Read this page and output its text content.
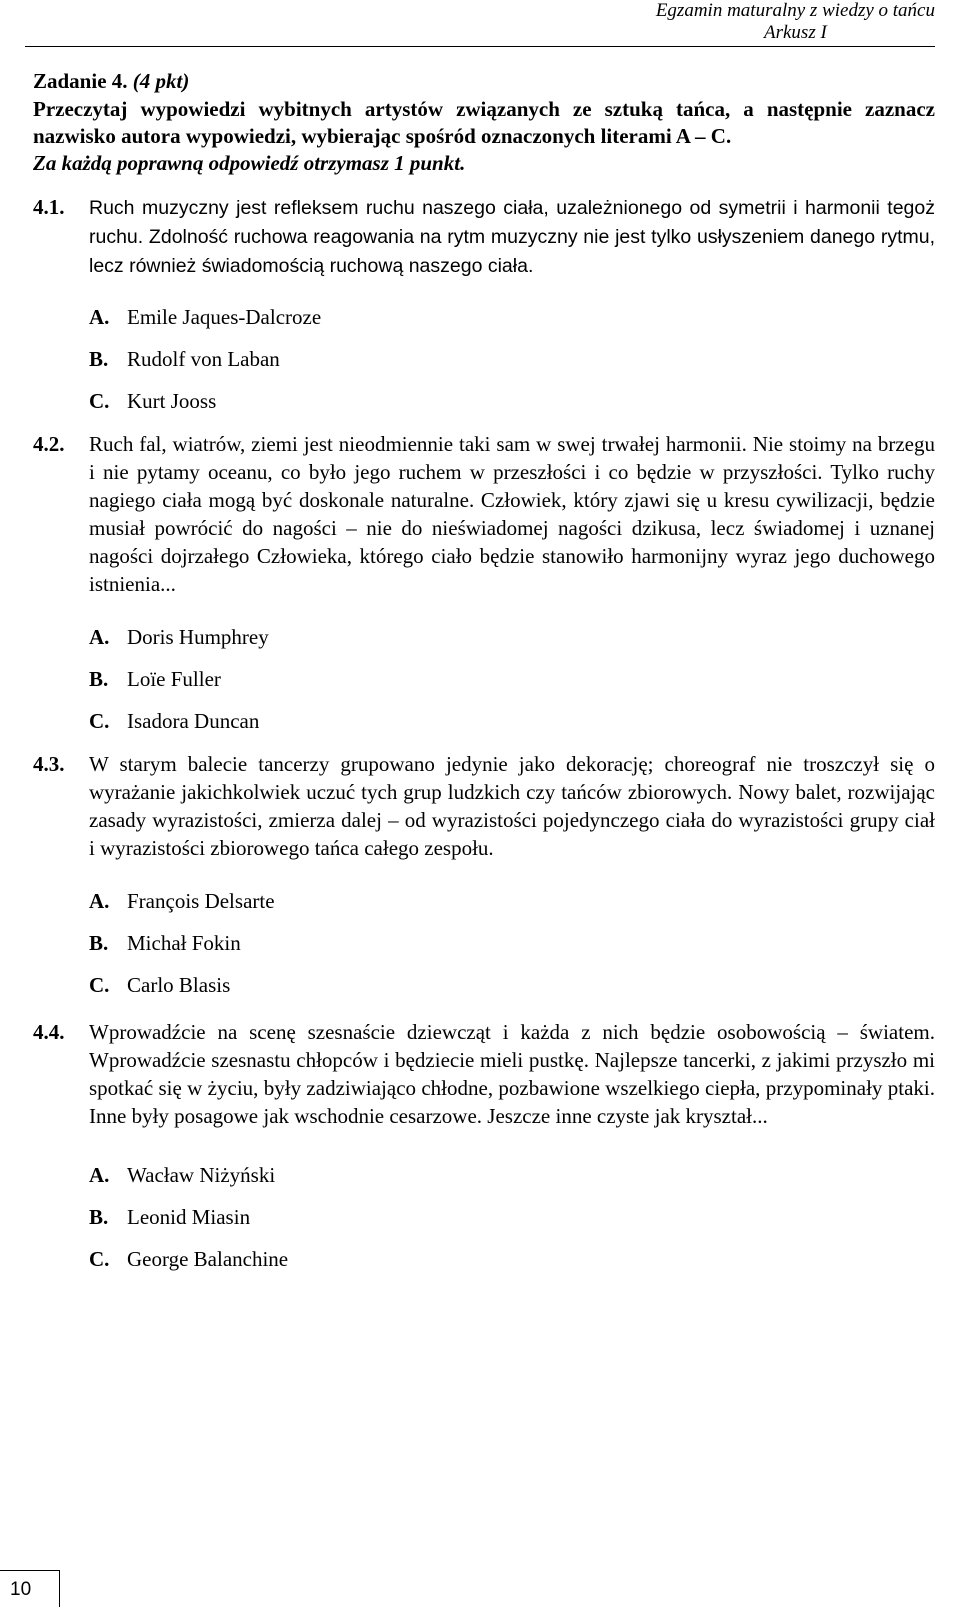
Egzamin maturalny z wiedzy o tańcu
Arkusz I
Zadanie 4. (4 pkt)
Przeczytaj wypowiedzi wybitnych artystów związanych ze sztuką tańca, a następnie zaznacz nazwisko autora wypowiedzi, wybierając spośród oznaczonych literami A – C.
Za każdą poprawną odpowiedź otrzymasz 1 punkt.
4.1.	Ruch muzyczny jest refleksem ruchu naszego ciała, uzależnionego od symetrii i harmonii tegoż ruchu. Zdolność ruchowa reagowania na rytm muzyczny nie jest tylko usłyszeniem danego rytmu, lecz również świadomością ruchową naszego ciała.

A. Emile Jaques-Dalcroze
B. Rudolf von Laban
C. Kurt Jooss
4.2.	Ruch fal, wiatrów, ziemi jest nieodmiennie taki sam w swej trwałej harmonii. Nie stoimy na brzegu i nie pytamy oceanu, co było jego ruchem w przeszłości i co będzie w przyszłości. Tylko ruchy nagiego ciała mogą być doskonale naturalne. Człowiek, który zjawi się u kresu cywilizacji, będzie musiał powrócić do nagości – nie do nieświadomej nagości dzikusa, lecz świadomej i uznanej nagości dojrzałego Człowieka, którego ciało będzie stanowiło harmonijny wyraz jego duchowego istnienia...

A. Doris Humphrey
B. Loïe Fuller
C. Isadora Duncan
4.3.	W starym balecie tancerzy grupowano jedynie jako dekorację; choreograf nie troszczył się o wyrażanie jakichkolwiek uczuć tych grup ludzkich czy tańców zbiorowych. Nowy balet, rozwijając zasady wyrazistości, zmierza dalej – od wyrazistości pojedynczego ciała do wyrazistości grupy ciał i wyrazistości zbiorowego tańca całego zespołu.

A. François Delsarte
B. Michał Fokin
C. Carlo Blasis
4.4.	Wprowadźcie na scenę szesnaście dziewcząt i każda z nich będzie osobowością – światem. Wprowadźcie szesnastu chłopców i będziecie mieli pustkę. Najlepsze tancerki, z jakimi przyszło mi spotkać się w życiu, były zadziwiająco chłodne, pozbawione wszelkiego ciepła, przypominały ptaki. Inne były posagowe jak wschodnie cesarzowe. Jeszcze inne czyste jak kryształ...

A. Wacław Niżyński
B. Leonid Miasin
C. George Balanchine
10
